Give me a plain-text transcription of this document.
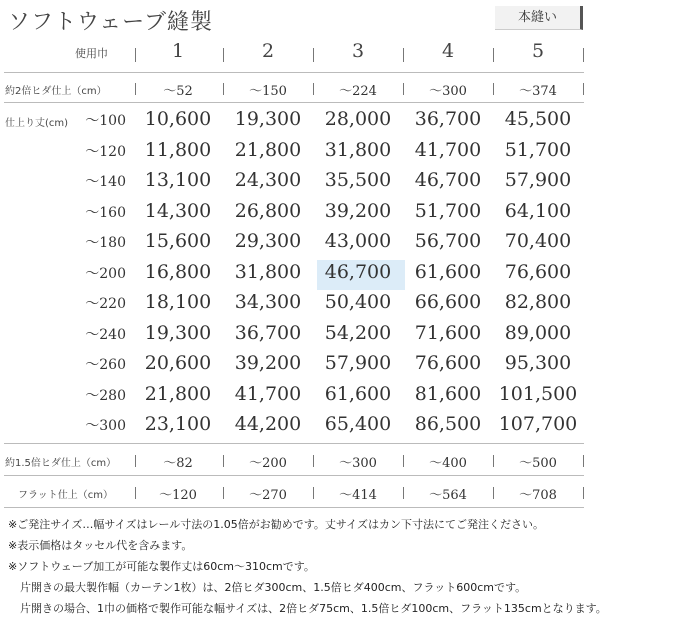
ソフトウェーブ縫製	本縫い
使用巾	1	2	3	4	5
約2倍ヒダ仕上（cm）	～52	～150	～224	～300	～374
仕上り丈(cm)	～100 10,600	19,300	28,000	36,700	45,500
～120 11,800	21,800	31,800	41,700	51,700
～140 13,100	24,300	35,500	46,700	57,900
～160 14,300	26,800	39,200	51,700	64,100
～180 15,600	29,300	43,000	56,700	70,400
～200 16,800	31,800	46,700	61,600	76,600
～220 18,100	34,300	50,400	66,600	82,800
～240 19,300	36,700	54,200	71,600	89,000
～260 20,600	39,200	57,900	76,600	95,300
～280 21,800	41,700	61,600	81,600 101,500
～300 23,100	44,200	65,400	86,500 107,700
約1.5倍ヒダ仕上（cm）	～82	～200	～300	～400	～500
フラット仕上（cm）	～120	～270	～414	～564	～708
※ご発注サイズ…幅サイズはレール寸法の1.05倍がお勧めです。丈サイズはカン下寸法にてご発注ください。
※表示価格はタッセル代を含みます。
※ソフトウェーブ加工が可能な製作丈は60cm～310cmです。
片開きの最大製作幅（カーテン1枚）は、2倍ヒダ300cm、1.5倍ヒダ400cm、フラット600cmです。
片開きの場合、1巾の価格で製作可能な幅サイズは、2倍ヒダ75cm、1.5倍ヒダ100cm、フラット135cmとなります。
